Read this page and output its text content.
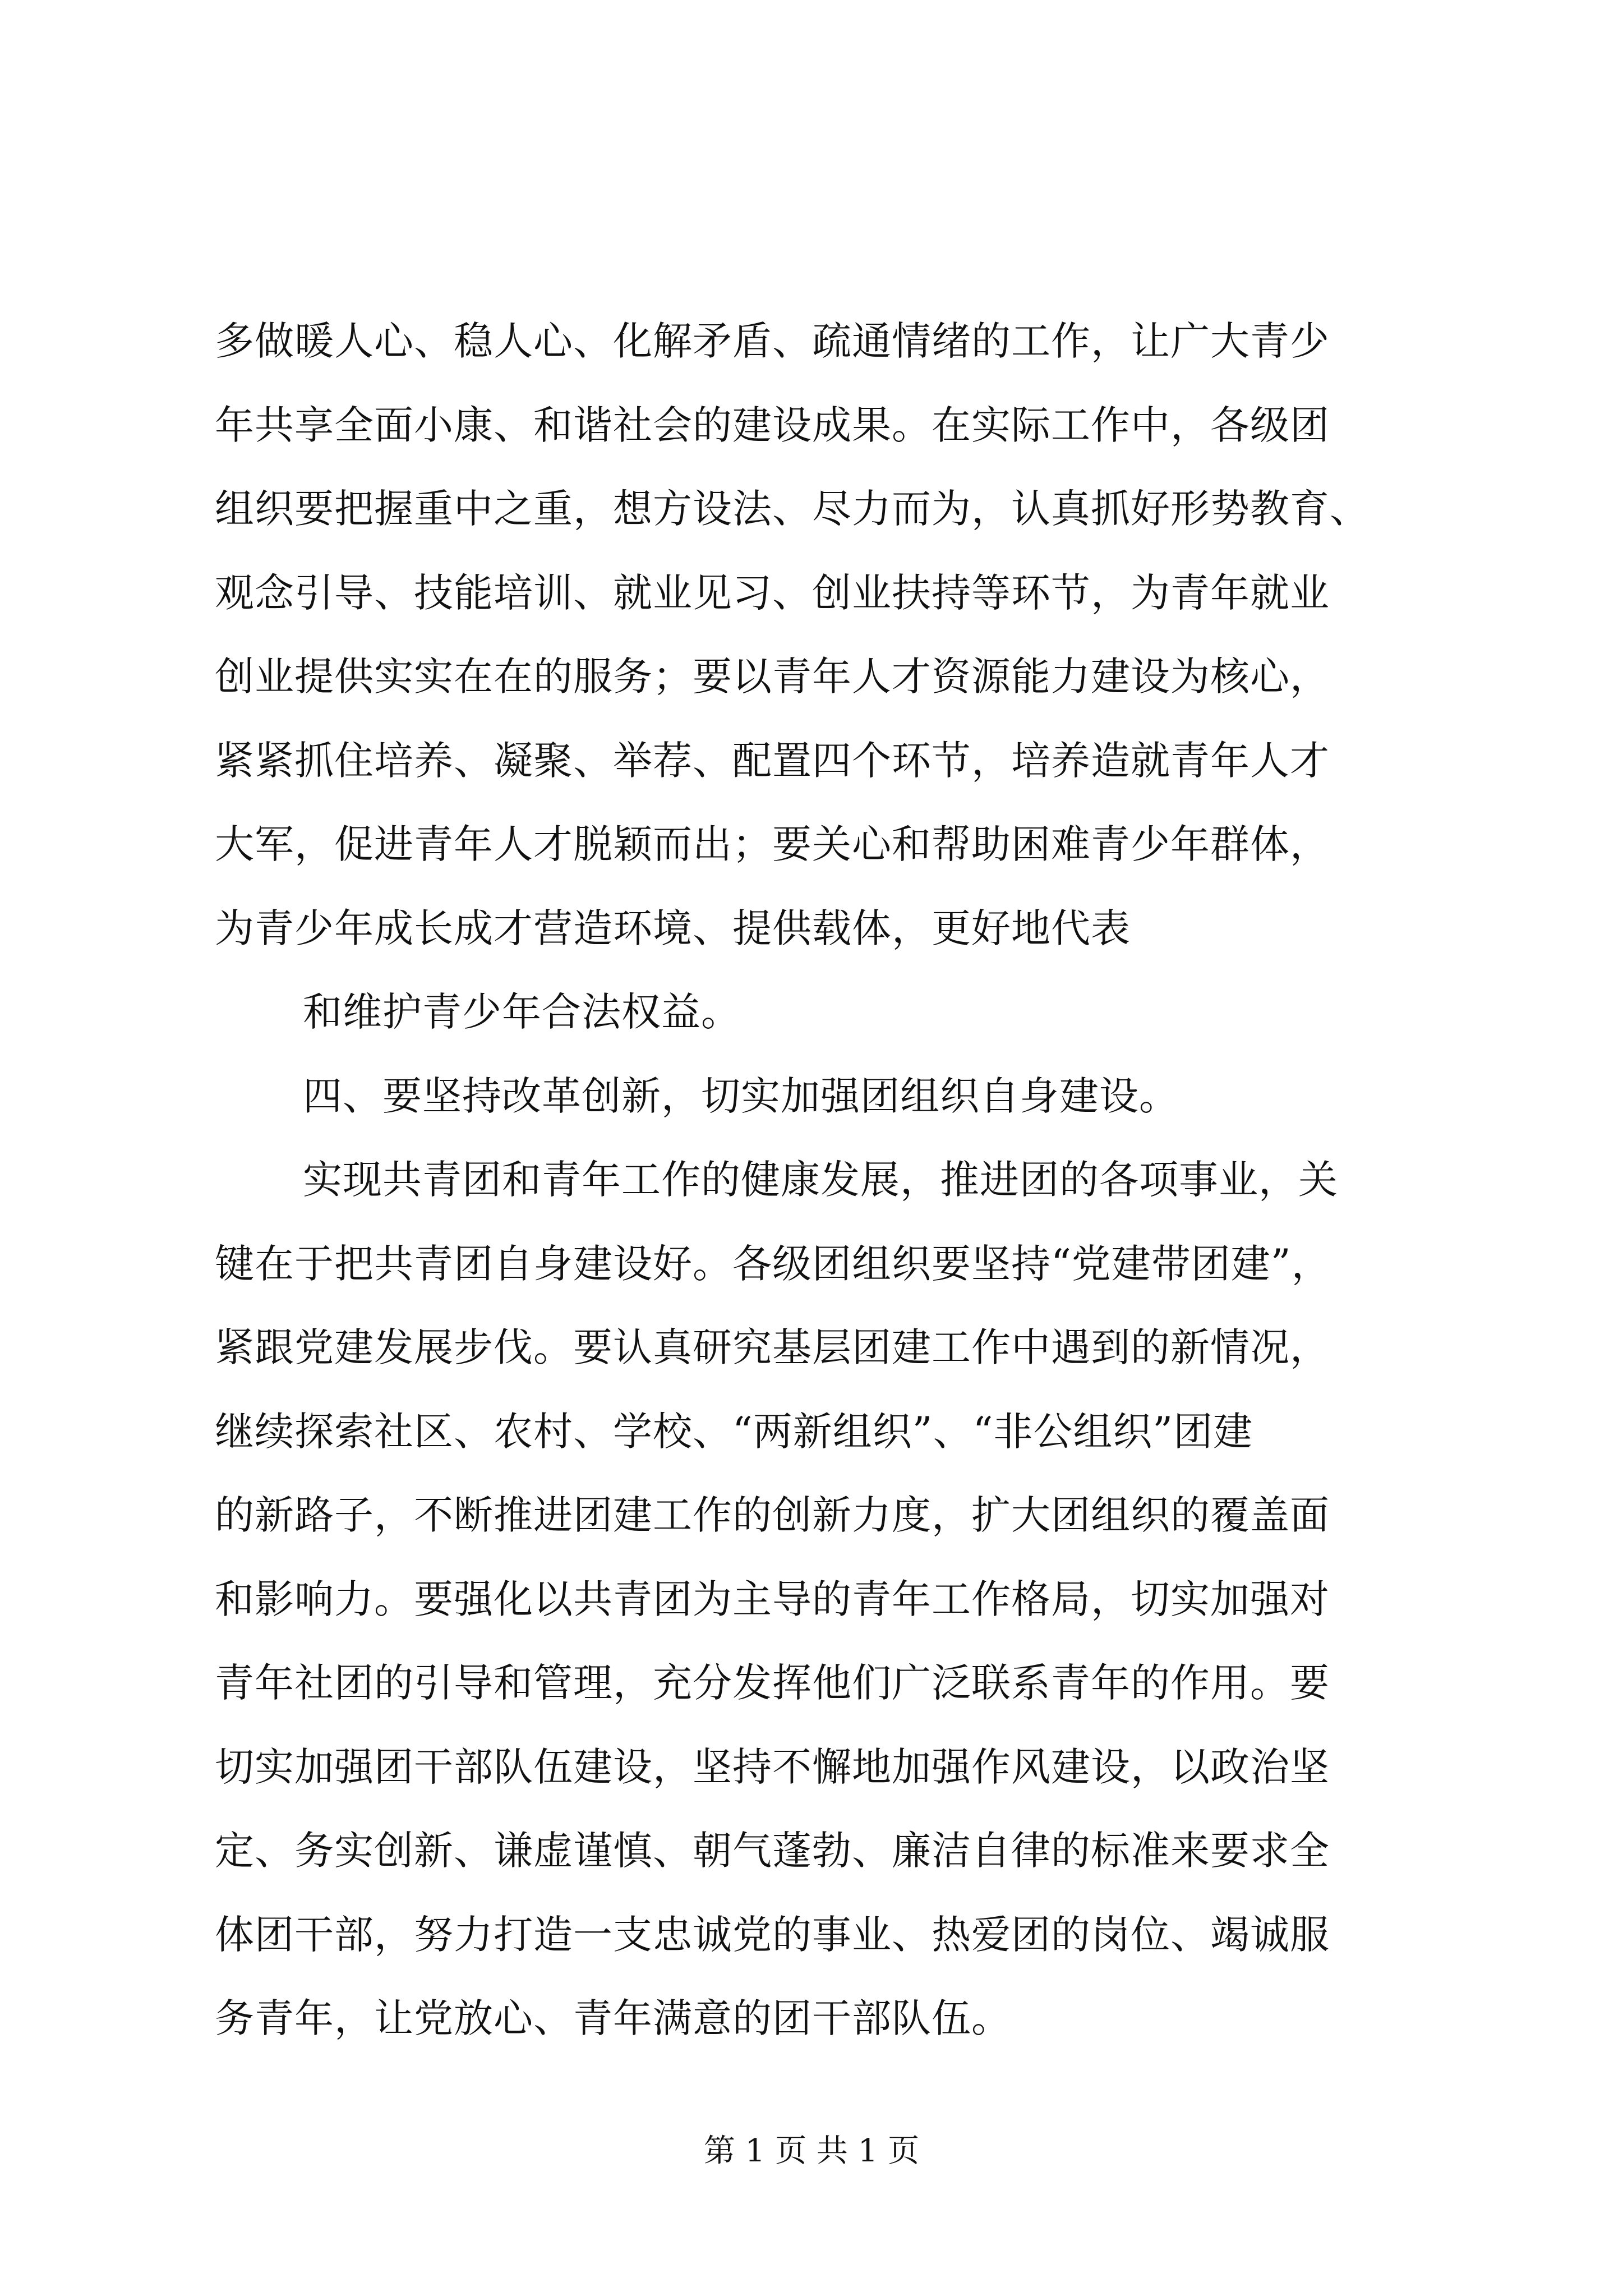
多做暖人心、稳人心、化解矛盾、疏通情绪的工作，让广大青少
年共享全面小康、和谐社会的建设成果。在实际工作中，各级团
组织要把握重中之重，想方设法、尽力而为，认真抓好形势教育、
观念引导、技能培训、就业见习、创业扶持等环节，为青年就业
创业提供实实在在的服务；要以青年人才资源能力建设为核心，
紧紧抓住培养、凝聚、举荐、配置四个环节，培养造就青年人才
大军，促进青年人才脱颖而出；要关心和帮助困难青少年群体，
为青少年成长成才营造环境、提供载体，更好地代表
和维护青少年合法权益。
四、要坚持改革创新，切实加强团组织自身建设。
实现共青团和青年工作的健康发展，推进团的各项事业，关
键在于把共青团自身建设好。各级团组织要坚持“党建带团建”，
紧跟党建发展步伐。要认真研究基层团建工作中遇到的新情况，
继续探索社区、农村、学校、“两新组织”、“非公组织”团建
的新路子，不断推进团建工作的创新力度，扩大团组织的覆盖面
和影响力。要强化以共青团为主导的青年工作格局，切实加强对
青年社团的引导和管理，充分发挥他们广泛联系青年的作用。要
切实加强团干部队伍建设，坚持不懈地加强作风建设，以政治坚
定、务实创新、谦虚谨慎、朝气蓬勃、廉洁自律的标准来要求全
体团干部，努力打造一支忠诚党的事业、热爱团的岗位、竭诚服
务青年，让党放心、青年满意的团干部队伍。
第 1 页 共 1 页
